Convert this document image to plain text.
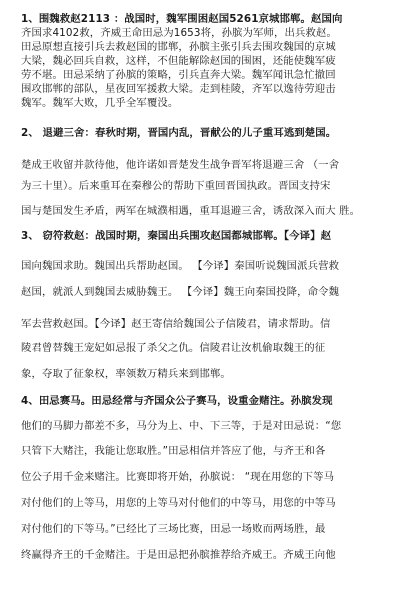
1、围魏救赵2113 ：战国时，魏军围困赵国5261京城邯郸。赵国向
齐国求4102救，齐威王命田忌为1653将，孙膑为军师，出兵救赵。
田忌原想直接引兵去救赵国的邯郸，孙膑主张引兵去围攻魏国的京城
大梁，魏必回兵自救，这样，不但能解除赵国的围困，还能使魏军疲
劳不堪。田忌采纳了孙膑的策略，引兵直奔大梁。魏军闻讯急忙撤回
围攻邯郸的部队，星夜回军援救大梁。走到桂陵，齐军以逸待劳迎击
魏军。魏军大败，几乎全军覆没。
2、 退避三舍：春秋时期，晋国内乱，晋献公的儿子重耳逃到楚国。
楚成王收留并款待他，他许诺如晋楚发生战争晋军将退避三舍 （一舍
为三十里）。后来重耳在秦穆公的帮助下重回晋国执政。晋国支持宋
国与楚国发生矛盾，两军在城濮相遇，重耳退避三舍，诱敌深入而大 胜。
3、 窃符救赵：战国时期，秦国出兵围攻赵国都城邯郸。【今译】赵
国向魏国求助。魏国出兵帮助赵国。 【今译】秦国听说魏国派兵营救
赵国，就派人到魏国去威胁魏王。 【今译】魏王向秦国投降，命令魏
军去营救赵国。【今译】赵王寄信给魏国公子信陵君，请求帮助。信
陵君曾替魏王宠妃如忌报了杀父之仇。信陵君让汝机偷取魏王的征
象，夺取了征象权，率领数万精兵来到邯郸。
4、田忌赛马。田忌经常与齐国众公子赛马，设重金赌注。孙膑发现
他们的马脚力都差不多，马分为上、中、下三等，于是对田忌说：“您
只管下大赌注，我能让您取胜。”田忌相信并答应了他，与齐王和各
位公子用千金来赌注。比赛即将开始，孙膑说： “现在用您的下等马
对付他们的上等马，用您的上等马对付他们的中等马，用您的中等马
对付他们的下等马。”已经比了三场比赛，田忌一场败而两场胜，最
终赢得齐王的千金赌注。于是田忌把孙膑推荐给齐威王。齐威王向他
